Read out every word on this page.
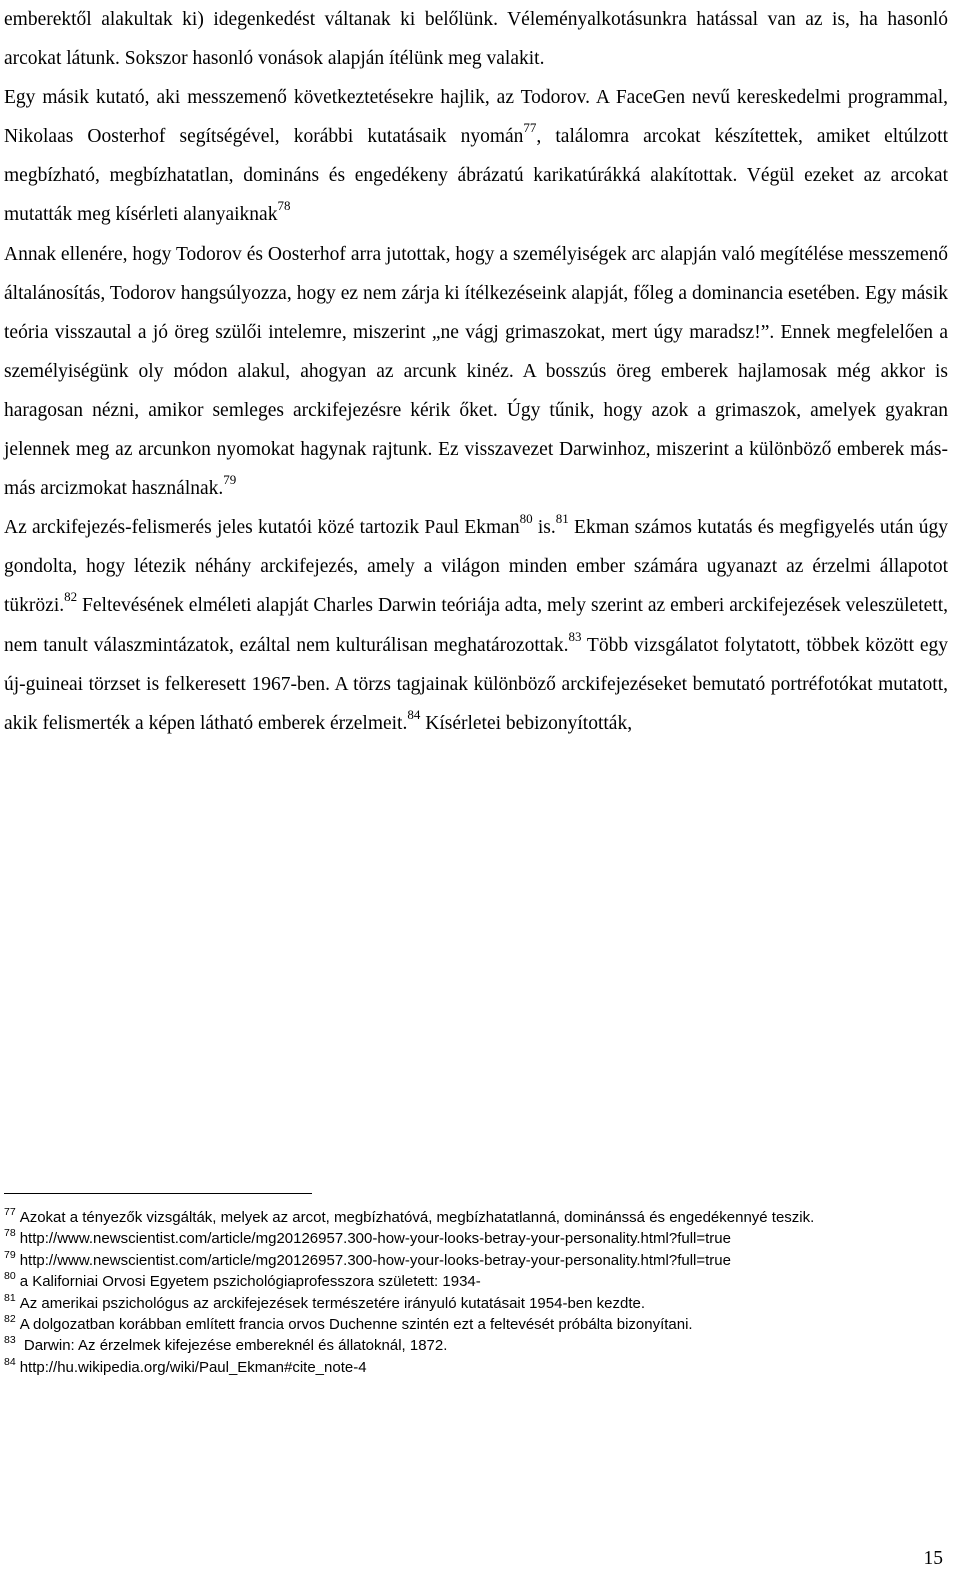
emberektől alakultak ki) idegenkedést váltanak ki belőlünk. Véleményalkotásunkra hatással van az is, ha hasonló arcokat látunk. Sokszor hasonló vonások alapján ítélünk meg valakit.

Egy másik kutató, aki messzemenő következtetésekre hajlik, az Todorov. A FaceGen nevű kereskedelmi programmal, Nikolaas Oosterhof segítségével, korábbi kutatásaik nyomán$^{77}$, találomra arcokat készítettek, amiket eltúlzott megbízható, megbízhatatlan, domináns és engedékeny ábrázatú karikatúrákká alakítottak. Végül ezeket az arcokat mutatták meg kísérleti alanyaiknak$^{78}$

Annak ellenére, hogy Todorov és Oosterhof arra jutottak, hogy a személyiségek arc alapján való megítélése messzemenő általánosítás, Todorov hangsúlyozza, hogy ez nem zárja ki ítélkezéseink alapját, főleg a dominancia esetében. Egy másik teória visszautal a jó öreg szülői intelemre, miszerint „ne vágj grimaszokat, mert úgy maradsz!”. Ennek megfelelően a személyiségünk oly módon alakul, ahogyan az arcunk kinéz. A bosszús öreg emberek hajlamosak még akkor is haragosan nézni, amikor semleges arckifejezésre kérik őket. Úgy tűnik, hogy azok a grimaszok, amelyek gyakran jelennek meg az arcunkon nyomokat hagynak rajtunk. Ez visszavezet Darwinhoz, miszerint a különböző emberek más-más arcizmokat használnak.$^{79}$

Az arckifejezés-felismerés jeles kutatói közé tartozik Paul Ekman$^{80}$ is.$^{81}$ Ekman számos kutatás és megfigyelés után úgy gondolta, hogy létezik néhány arckifejezés, amely a világon minden ember számára ugyanazt az érzelmi állapotot tükrözi.$^{82}$ Feltevésének elméleti alapját Charles Darwin teóriája adta, mely szerint az emberi arckifejezések veleszületett, nem tanult válaszmintázatok, ezáltal nem kulturálisan meghatározottak.$^{83}$ Több vizsgálatot folytatott, többek között egy új-guineai törzset is felkeresett 1967-ben. A törzs tagjainak különböző arckifejezéseket bemutató portréfotókat mutatott, akik felismerték a képen látható emberek érzelmeit.$^{84}$ Kísérletei bebizonyították,

$^{77}$ Azokat a tényezők vizsgálták, melyek az arcot, megbízhatóvá, megbízhatatlanná, dominánssá és engedékennyé teszik.

$^{78}$ http://www.newscientist.com/article/mg20126957.300-how-your-looks-betray-your-personality.html?full=true

$^{79}$ http://www.newscientist.com/article/mg20126957.300-how-your-looks-betray-your-personality.html?full=true

$^{80}$ a Kaliforniai Orvosi Egyetem pszichológiaprofesszora született: 1934-

$^{81}$ Az amerikai pszichológus az arckifejezések természetére irányuló kutatásait 1954-ben kezdte.

$^{82}$ A dolgozatban korábban említett francia orvos Duchenne szintén ezt a feltevését próbálta bizonyítani.

$^{83}$ Darwin: Az érzelmek kifejezése embereknél és állatoknál, 1872.

$^{84}$ http://hu.wikipedia.org/wiki/Paul_Ekman#cite_note-4

15
